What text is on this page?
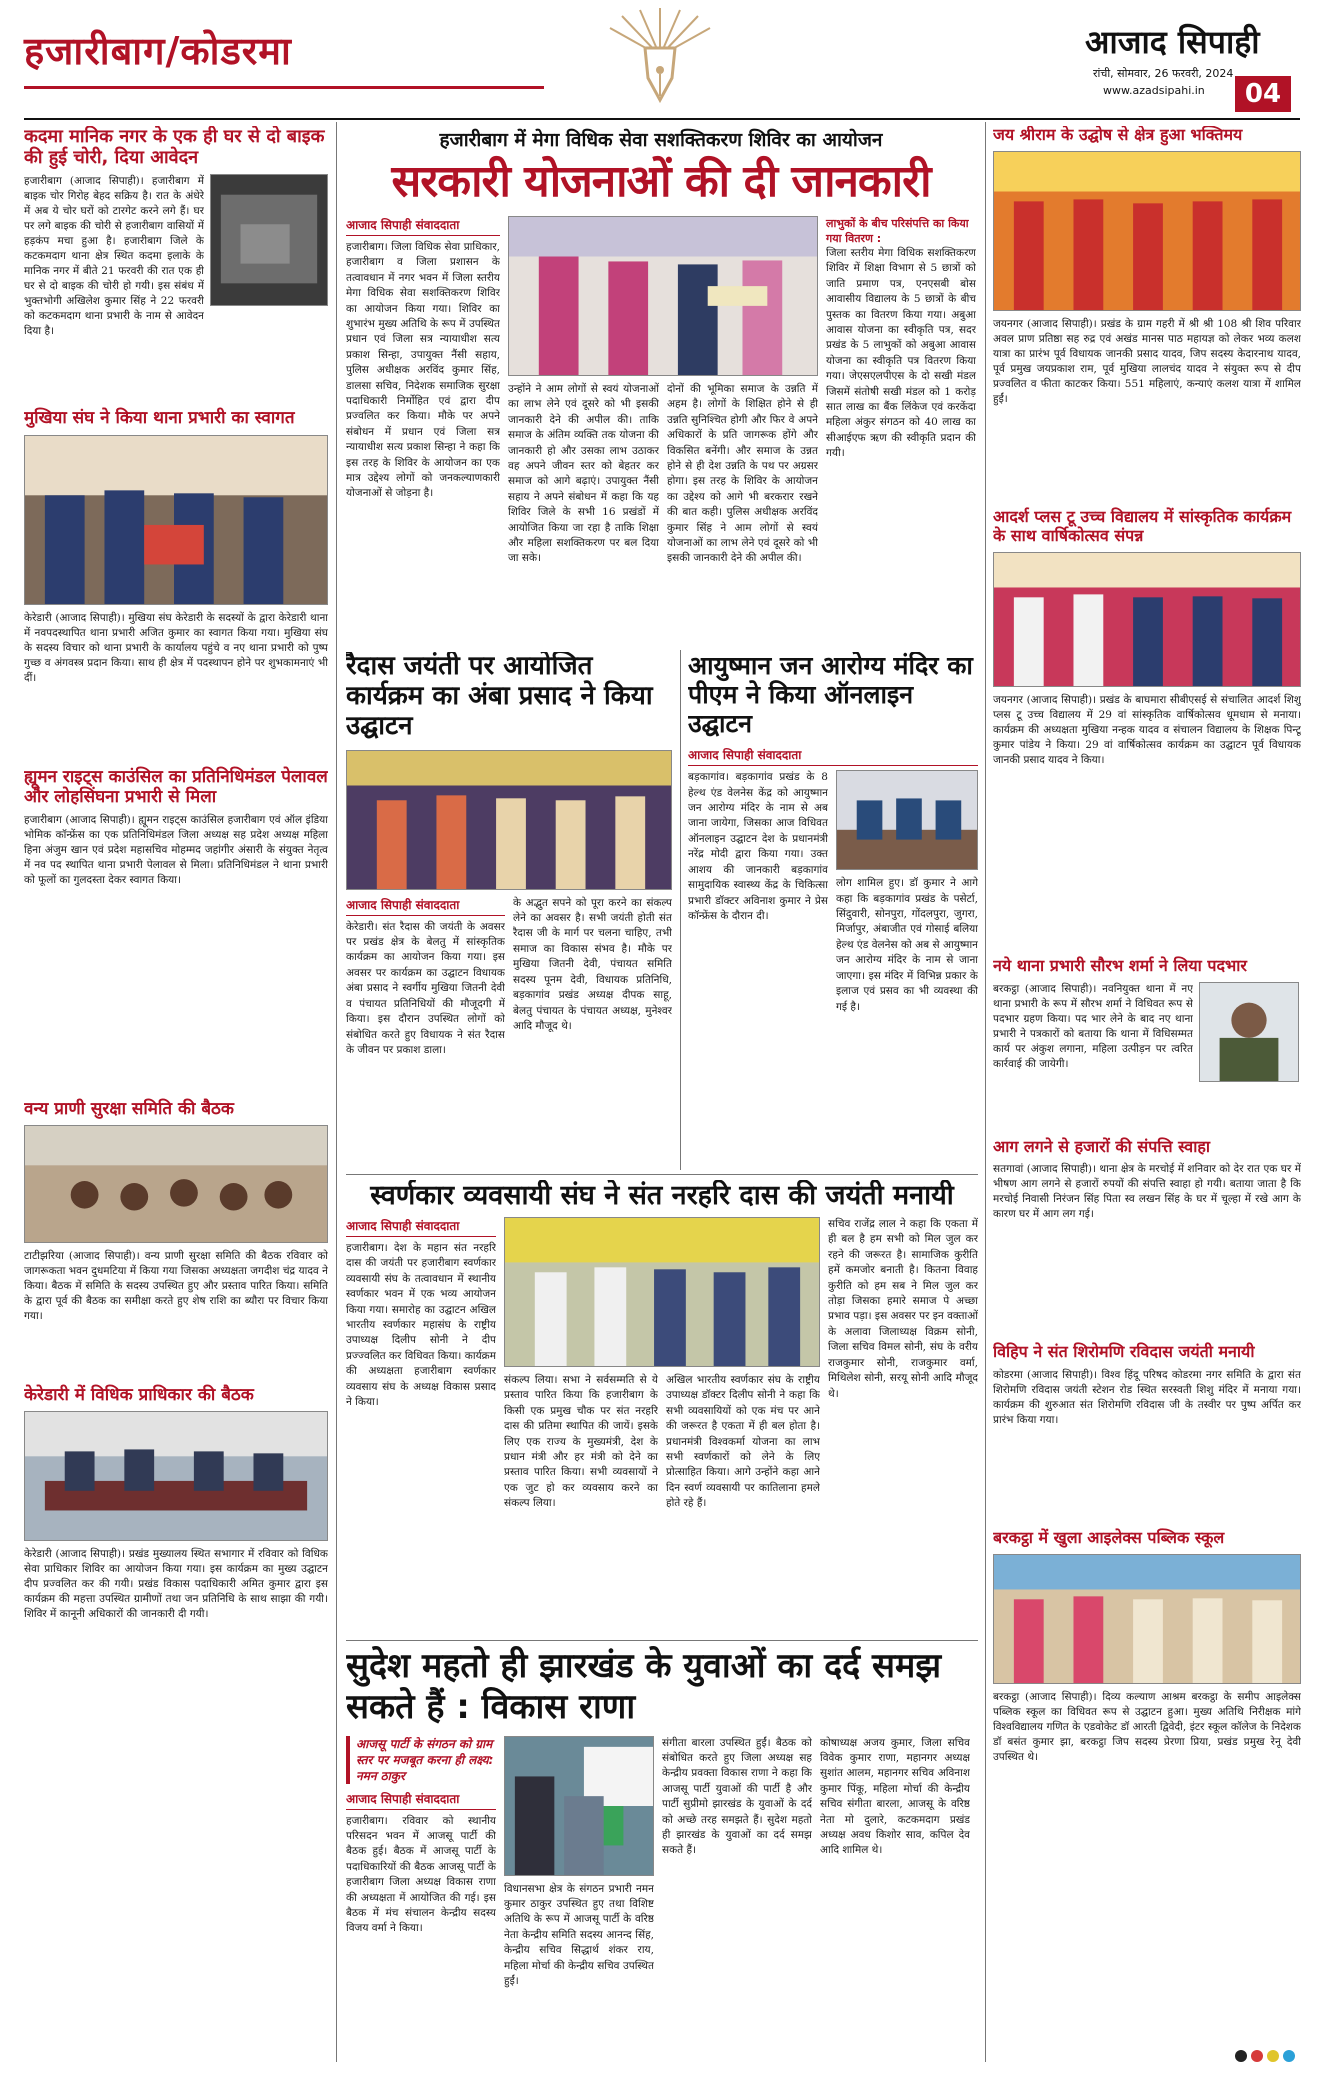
हजारीबाग/कोडरमा	आजाद सिपाही
रांची, सोमवार, 26 फरवरी, 2024
www.azadsipahi.in	04
कदमा मानिक नगर के एक ही घर से दो बाइक की हुई चोरी, दिया आवेदन
हजारीबाग (आजाद सिपाही)। हजारीबाग में बाइक चोर गिरोह बेहद सक्रिय है। रात के अंधेरे में अब ये चोर घरों को टारगेट करने लगे हैं। घर पर लगे बाइक की चोरी से हजारीबाग वासियों में हड़कंप मचा हुआ है। हजारीबाग जिले के कटकमदाग थाना क्षेत्र स्थित कदमा इलाके के मानिक नगर में बीते 21 फरवरी की रात एक ही घर से दो बाइक की चोरी हो गयी। इस संबंध में भुक्तभोगी अखिलेश कुमार सिंह ने 22 फरवरी को कटकमदाग थाना प्रभारी के नाम से आवेदन दिया है।
मुखिया संघ ने किया थाना प्रभारी का स्वागत
केरेडारी (आजाद सिपाही)। मुखिया संघ केरेडारी के सदस्यों के द्वारा केरेडारी थाना में नवपदस्थापित थाना प्रभारी अजित कुमार का स्वागत किया गया। मुखिया संघ के सदस्य विचार को थाना प्रभारी के कार्यालय पहुंचे व नए थाना प्रभारी को पुष्प गुच्छ व अंगवस्त्र प्रदान किया। साथ ही क्षेत्र में पदस्थापन होने पर शुभकामनाएं भी दीं।
ह्यूमन राइट्स काउंसिल का प्रतिनिधिमंडल पेलावल और लोहसिंघना प्रभारी से मिला
हजारीबाग (आजाद सिपाही)। ह्यूमन राइट्स काउंसिल हजारीबाग एवं ऑल इंडिया भोमिक कॉन्फ्रेंस का एक प्रतिनिधिमंडल जिला अध्यक्ष सह प्रदेश अध्यक्ष महिला हिना अंजुम खान एवं प्रदेश महासचिव मोहम्मद जहांगीर अंसारी के संयुक्त नेतृत्व में नव पद स्थापित थाना प्रभारी पेलावल से मिला। प्रतिनिधिमंडल ने थाना प्रभारी को फूलों का गुलदस्ता देकर स्वागत किया।
वन्य प्राणी सुरक्षा समिति की बैठक
टाटीझरिया (आजाद सिपाही)। वन्य प्राणी सुरक्षा समिति की बैठक रविवार को जागरूकता भवन दुधमटिया में किया गया जिसका अध्यक्षता जगदीश चंद्र यादव ने किया। बैठक में समिति के सदस्य उपस्थित हुए और प्रस्ताव पारित किया। समिति के द्वारा पूर्व की बैठक का समीक्षा करते हुए शेष राशि का ब्यौरा पर विचार किया गया।
केरेडारी में विधिक प्राधिकार की बैठक
केरेडारी (आजाद सिपाही)। प्रखंड मुख्यालय स्थित सभागार में रविवार को विधिक सेवा प्राधिकार शिविर का आयोजन किया गया। इस कार्यक्रम का मुख्य उद्घाटन दीप प्रज्वलित कर की गयी। प्रखंड विकास पदाधिकारी अमित कुमार द्वारा इस कार्यक्रम की महत्ता उपस्थित ग्रामीणों तथा जन प्रतिनिधि के साथ साझा की गयी। शिविर में कानूनी अधिकारों की जानकारी दी गयी।
हजारीबाग में मेगा विधिक सेवा सशक्तिकरण शिविर का आयोजन
सरकारी योजनाओं की दी जानकारी
आजाद सिपाही संवाददाता
हजारीबाग। जिला विधिक सेवा प्राधिकार, हजारीबाग व जिला प्रशासन के तत्वावधान में नगर भवन में जिला स्तरीय मेगा विधिक सेवा सशक्तिकरण शिविर का आयोजन किया गया। शिविर का शुभारंभ मुख्य अतिथि के रूप में उपस्थित प्रधान एवं जिला सत्र न्यायाधीश सत्य प्रकाश सिन्हा, उपायुक्त नैंसी सहाय, पुलिस अधीक्षक अरविंद कुमार सिंह, डालसा सचिव, निदेशक समाजिक सुरक्षा पदाधिकारी निर्मोहित एवं द्वारा दीप प्रज्वलित कर किया। मौके पर अपने संबोधन में प्रधान एवं जिला सत्र न्यायाधीश सत्य प्रकाश सिन्हा ने कहा कि इस तरह के शिविर के आयोजन का एक मात्र उद्देश्य लोगों को जनकल्याणकारी योजनाओं से जोड़ना है।
उन्होंने ने आम लोगों से स्वयं योजनाओं का लाभ लेने एवं दूसरे को भी इसकी जानकारी देने की अपील की। ताकि समाज के अंतिम व्यक्ति तक योजना की जानकारी हो और उसका लाभ उठाकर वह अपने जीवन स्तर को बेहतर कर समाज को आगे बढ़ाएं। उपायुक्त नैंसी सहाय ने अपने संबोधन में कहा कि यह शिविर जिले के सभी 16 प्रखंडों में आयोजित किया जा रहा है ताकि शिक्षा और महिला सशक्तिकरण पर बल दिया जा सके।
दोनों की भूमिका समाज के उन्नति में अहम है। लोगों के शिक्षित होने से ही उन्नति सुनिश्चित होगी और फिर वे अपने अधिकारों के प्रति जागरूक होंगे और विकसित बनेंगी। और समाज के उन्नत होने से ही देश उन्नति के पथ पर अग्रसर होगा। इस तरह के शिविर के आयोजन का उद्देश्य को आगे भी बरकरार रखने की बात कही। पुलिस अधीक्षक अरविंद कुमार सिंह ने आम लोगों से स्वयं योजनाओं का लाभ लेने एवं दूसरे को भी इसकी जानकारी देने की अपील की।
लाभुकों के बीच परिसंपत्ति का किया गया वितरण :
जिला स्तरीय मेगा विधिक सशक्तिकरण शिविर में शिक्षा विभाग से 5 छात्रों को जाति प्रमाण पत्र, एनएसबी बोस आवासीय विद्यालय के 5 छात्रों के बीच पुस्तक का वितरण किया गया। अबुआ आवास योजना का स्वीकृति पत्र, सदर प्रखंड के 5 लाभुकों को अबुआ आवास योजना का स्वीकृति पत्र वितरण किया गया। जेएसएलपीएस के दो सखी मंडल जिसमें संतोषी सखी मंडल को 1 करोड़ सात लाख का बैंक लिंकेज एवं करकेंदा महिला अंकुर संगठन को 40 लाख का सीआईएफ ऋण की स्वीकृति प्रदान की गयी।
रैदास जयंती पर आयोजित कार्यक्रम का अंबा प्रसाद ने किया उद्घाटन
आजाद सिपाही संवाददाता
केरेडारी। संत रैदास की जयंती के अवसर पर प्रखंड क्षेत्र के बेलतु में सांस्कृतिक कार्यक्रम का आयोजन किया गया। इस अवसर पर कार्यक्रम का उद्घाटन विधायक अंबा प्रसाद ने स्वर्गीय मुखिया जितनी देवी व पंचायत प्रतिनिधियों की मौजूदगी में किया। इस दौरान उपस्थित लोगों को संबोधित करते हुए विधायक ने संत रैदास के जीवन पर प्रकाश डाला।
के अद्भुत सपने को पूरा करने का संकल्प लेने का अवसर है। सभी जयंती होती संत रैदास जी के मार्ग पर चलना चाहिए, तभी समाज का विकास संभव है। मौके पर मुखिया जितनी देवी, पंचायत समिति सदस्य पूनम देवी, विधायक प्रतिनिधि, बड़कागांव प्रखंड अध्यक्ष दीपक साहू, बेलतु पंचायत के पंचायत अध्यक्ष, मुनेश्वर आदि मौजूद थे।
आयुष्मान जन आरोग्य मंदिर का पीएम ने किया ऑनलाइन उद्घाटन
आजाद सिपाही संवाददाता
बड़कागांव। बड़कागांव प्रखंड के 8 हेल्थ एंड वेलनेस केंद्र को आयुष्मान जन आरोग्य मंदिर के नाम से अब जाना जायेगा, जिसका आज विधिवत ऑनलाइन उद्घाटन देश के प्रधानमंत्री नरेंद्र मोदी द्वारा किया गया। उक्त आशय की जानकारी बड़कागांव सामुदायिक स्वास्थ्य केंद्र के चिकित्सा प्रभारी डॉक्टर अविनाश कुमार ने प्रेस कॉन्फ्रेंस के दौरान दी।
लोग शामिल हुए। डॉ कुमार ने आगे कहा कि बड़कागांव प्रखंड के पसेर्टा, सिंदुवारी, सोनपुरा, गोंदलपुरा, जुगरा, मिर्जापुर, अंबाजीत एवं गोसाई बलिया हेल्थ एंड वेलनेस को अब से आयुष्मान जन आरोग्य मंदिर के नाम से जाना जाएगा। इस मंदिर में विभिन्न प्रकार के इलाज एवं प्रसव का भी व्यवस्था की गई है।
स्वर्णकार व्यवसायी संघ ने संत नरहरि दास की जयंती मनायी
आजाद सिपाही संवाददाता
हजारीबाग। देश के महान संत नरहरि दास की जयंती पर हजारीबाग स्वर्णकार व्यवसायी संघ के तत्वावधान में स्थानीय स्वर्णकार भवन में एक भव्य आयोजन किया गया। समारोह का उद्घाटन अखिल भारतीय स्वर्णकार महासंघ के राष्ट्रीय उपाध्यक्ष दिलीप सोनी ने दीप प्रज्ज्वलित कर विधिवत किया। कार्यक्रम की अध्यक्षता हजारीबाग स्वर्णकार व्यवसाय संघ के अध्यक्ष विकास प्रसाद ने किया।
संकल्प लिया। सभा ने सर्वसम्मति से ये प्रस्ताव पारित किया कि हजारीबाग के किसी एक प्रमुख चौक पर संत नरहरि दास की प्रतिमा स्थापित की जायें। इसके लिए एक राज्य के मुख्यमंत्री, देश के प्रधान मंत्री और हर मंत्री को देने का प्रस्ताव पारित किया। सभी व्यवसायों ने एक जुट हो कर व्यवसाय करने का संकल्प लिया।
अखिल भारतीय स्वर्णकार संघ के राष्ट्रीय उपाध्यक्ष डॉक्टर दिलीप सोनी ने कहा कि सभी व्यवसायियों को एक मंच पर आने की जरूरत है एकता में ही बल होता है। प्रधानमंत्री विश्वकर्मा योजना का लाभ सभी स्वर्णकारों को लेने के लिए प्रोत्साहित किया। आगे उन्होंने कहा आने दिन स्वर्ण व्यवसायी पर कातिलाना हमले होते रहे हैं।
सचिव राजेंद्र लाल ने कहा कि एकता में ही बल है हम सभी को मिल जुल कर रहने की जरूरत है। सामाजिक कुरीति हमें कमजोर बनाती है। कितना विवाह कुरीति को हम सब ने मिल जुल कर तोड़ा जिसका हमारे समाज पे अच्छा प्रभाव पड़ा। इस अवसर पर इन वक्ताओं के अलावा जिलाध्यक्ष विक्रम सोनी, जिला सचिव विमल सोनी, संघ के वरीय राजकुमार सोनी, राजकुमार वर्मा, मिथिलेश सोनी, सरयू सोनी आदि मौजूद थे।
सुदेश महतो ही झारखंड के युवाओं का दर्द समझ सकते हैं : विकास राणा
आजसू पार्टी के संगठन को ग्राम स्तर पर मजबूत करना ही लक्ष्य: नमन ठाकुर
आजाद सिपाही संवाददाता
हजारीबाग। रविवार को स्थानीय परिसदन भवन में आजसू पार्टी की बैठक हुई। बैठक में आजसू पार्टी के पदाधिकारियों की बैठक आजसू पार्टी के हजारीबाग जिला अध्यक्ष विकास राणा की अध्यक्षता में आयोजित की गई। इस बैठक में मंच संचालन केन्द्रीय सदस्य विजय वर्मा ने किया।
विधानसभा क्षेत्र के संगठन प्रभारी नमन कुमार ठाकुर उपस्थित हुए तथा विशिष्ट अतिथि के रूप में आजसू पार्टी के वरिष्ठ नेता केन्द्रीय समिति सदस्य आनन्द सिंह, केन्द्रीय सचिव सिद्धार्थ शंकर राय, महिला मोर्चा की केन्द्रीय सचिव उपस्थित हुईं।
संगीता बारला उपस्थित हुईं। बैठक को संबोधित करते हुए जिला अध्यक्ष सह केन्द्रीय प्रवक्ता विकास राणा ने कहा कि आजसू पार्टी युवाओं की पार्टी है और पार्टी सुप्रीमो झारखंड के युवाओं के दर्द को अच्छे तरह समझते हैं। सुदेश महतो ही झारखंड के युवाओं का दर्द समझ सकते हैं।
कोषाध्यक्ष अजय कुमार, जिला सचिव विवेक कुमार राणा, महानगर अध्यक्ष सुशांत आलम, महानगर सचिव अविनाश कुमार पिंकू, महिला मोर्चा की केन्द्रीय सचिव संगीता बारला, आजसू के वरिष्ठ नेता मो दुलारे, कटकमदाग प्रखंड अध्यक्ष अवध किशोर साव, कपिल देव आदि शामिल थे।
जय श्रीराम के उद्घोष से क्षेत्र हुआ भक्तिमय
जयनगर (आजाद सिपाही)। प्रखंड के ग्राम गहरी में श्री श्री 108 श्री शिव परिवार अवल प्राण प्रतिष्ठा सह रुद्र एवं अखंड मानस पाठ महायज्ञ को लेकर भव्य कलश यात्रा का प्रारंभ पूर्व विधायक जानकी प्रसाद यादव, जिप सदस्य केदारनाथ यादव, पूर्व प्रमुख जयप्रकाश राम, पूर्व मुखिया लालचंद यादव ने संयुक्त रूप से दीप प्रज्वलित व फीता काटकर किया। 551 महिलाएं, कन्याएं कलश यात्रा में शामिल हुईं।
आदर्श प्लस टू उच्च विद्यालय में सांस्कृतिक कार्यक्रम के साथ वार्षिकोत्सव संपन्न
जयनगर (आजाद सिपाही)। प्रखंड के बाघमारा सीबीएसई से संचालित आदर्श शिशु प्लस टू उच्च विद्यालय में 29 वां सांस्कृतिक वार्षिकोत्सव धूमधाम से मनाया। कार्यक्रम की अध्यक्षता मुखिया नन्हक यादव व संचालन विद्यालय के शिक्षक पिन्टू कुमार पांडेय ने किया। 29 वां वार्षिकोत्सव कार्यक्रम का उद्घाटन पूर्व विधायक जानकी प्रसाद यादव ने किया।
नये थाना प्रभारी सौरभ शर्मा ने लिया पदभार
बरकट्ठा (आजाद सिपाही)। नवनियुक्त थाना में नए थाना प्रभारी के रूप में सौरभ शर्मा ने विधिवत रूप से पदभार ग्रहण किया। पद भार लेने के बाद नए थाना प्रभारी ने पत्रकारों को बताया कि थाना में विधिसम्मत कार्य पर अंकुश लगाना, महिला उत्पीड़न पर त्वरित कार्रवाई की जायेगी।
आग लगने से हजारों की संपत्ति स्वाहा
सतगावां (आजाद सिपाही)। थाना क्षेत्र के मरचोई में शनिवार को देर रात एक घर में भीषण आग लगने से हजारों रुपयों की संपत्ति स्वाहा हो गयी। बताया जाता है कि मरचोई निवासी निरंजन सिंह पिता स्व लखन सिंह के घर में चूल्हा में रखे आग के कारण घर में आग लग गई।
विहिप ने संत शिरोमणि रविदास जयंती मनायी
कोडरमा (आजाद सिपाही)। विश्व हिंदू परिषद कोडरमा नगर समिति के द्वारा संत शिरोमणि रविदास जयंती स्टेशन रोड स्थित सरस्वती शिशु मंदिर में मनाया गया। कार्यक्रम की शुरुआत संत शिरोमणि रविदास जी के तस्वीर पर पुष्प अर्पित कर प्रारंभ किया गया।
बरकट्ठा में खुला आइलेक्स पब्लिक स्कूल
बरकट्ठा (आजाद सिपाही)। दिव्य कल्याण आश्रम बरकट्ठा के समीप आइलेक्स पब्लिक स्कूल का विधिवत रूप से उद्घाटन हुआ। मुख्य अतिथि निरीक्षक मांगे विश्वविद्यालय गणित के एडवोकेट डॉ आरती द्विवेदी, इंटर स्कूल कॉलेज के निदेशक डॉ बसंत कुमार झा, बरकट्ठा जिप सदस्य प्रेरणा प्रिया, प्रखंड प्रमुख रेनू देवी उपस्थित थे।
